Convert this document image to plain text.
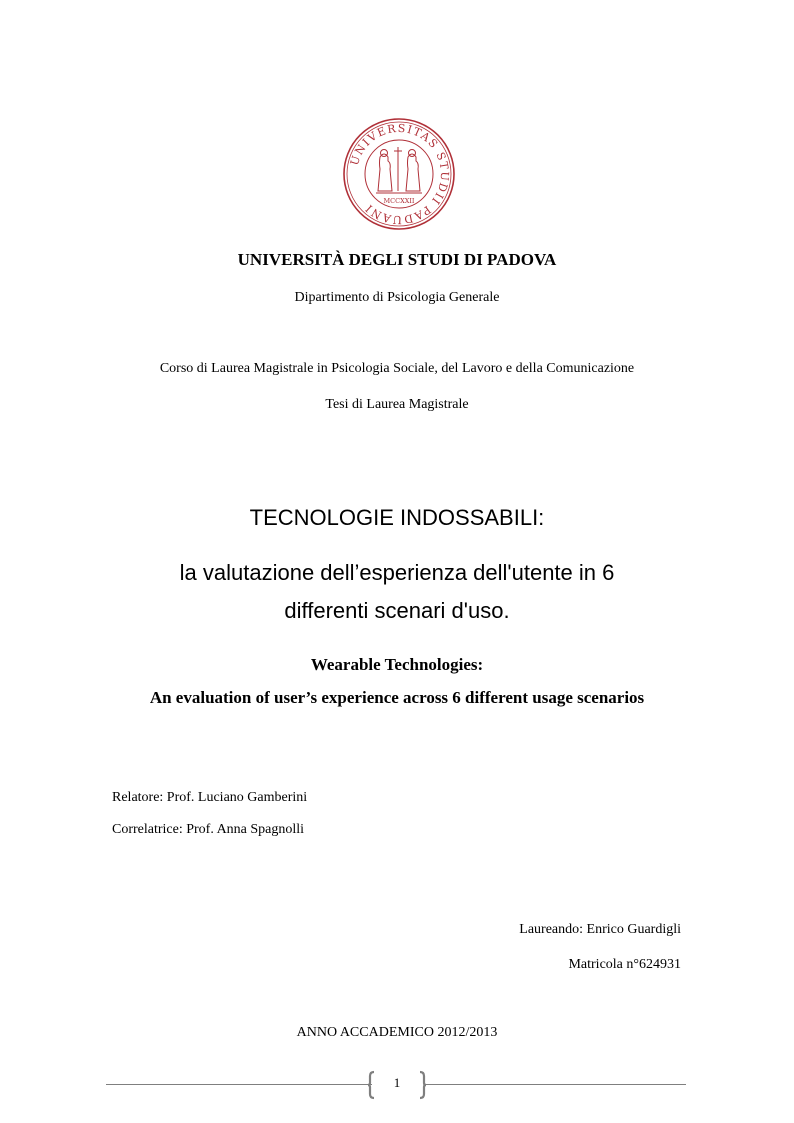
UNIVERSITAS STUDII PADUANI	MCCXXII
UNIVERSITÀ DEGLI STUDI DI PADOVA
Dipartimento di Psicologia Generale
Corso di Laurea Magistrale in Psicologia Sociale, del Lavoro e della Comunicazione
Tesi di Laurea Magistrale
TECNOLOGIE INDOSSABILI:
la valutazione dell’esperienza dell'utente in 6
differenti scenari d'uso.
Wearable Technologies:
An evaluation of user’s experience across 6 different usage scenarios
Relatore: Prof. Luciano Gamberini
Correlatrice: Prof. Anna Spagnolli
Laureando: Enrico Guardigli
Matricola n°624931
ANNO ACCADEMICO 2012/2013
1
